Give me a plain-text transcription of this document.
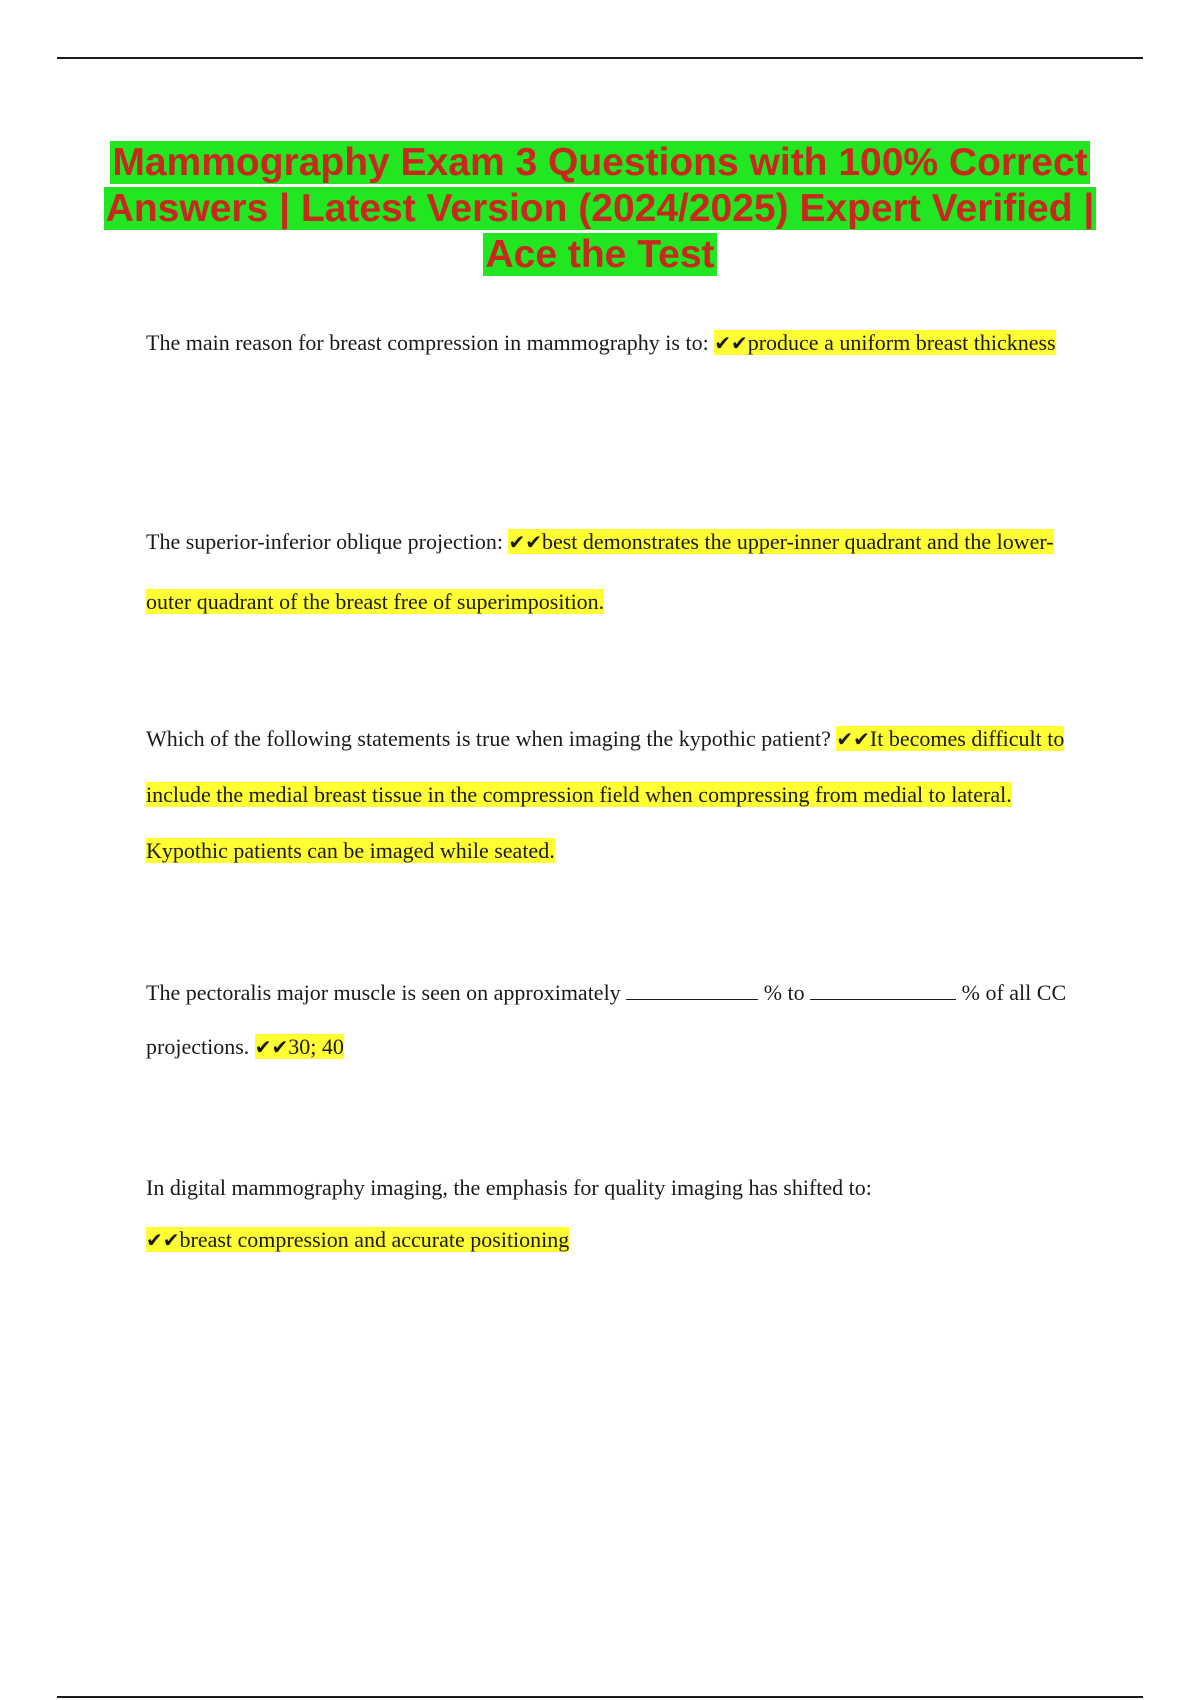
Mammography Exam 3 Questions with 100% Correct Answers | Latest Version (2024/2025) Expert Verified | Ace the Test
The main reason for breast compression in mammography is to: ✔✔produce a uniform breast thickness
The superior-inferior oblique projection: ✔✔best demonstrates the upper-inner quadrant and the lower-outer quadrant of the breast free of superimposition.
Which of the following statements is true when imaging the kypothic patient? ✔✔It becomes difficult to include the medial breast tissue in the compression field when compressing from medial to lateral. Kypothic patients can be imaged while seated.
The pectoralis major muscle is seen on approximately	% to	% of all CC projections. ✔✔30; 40
In digital mammography imaging, the emphasis for quality imaging has shifted to:
✔✔breast compression and accurate positioning
